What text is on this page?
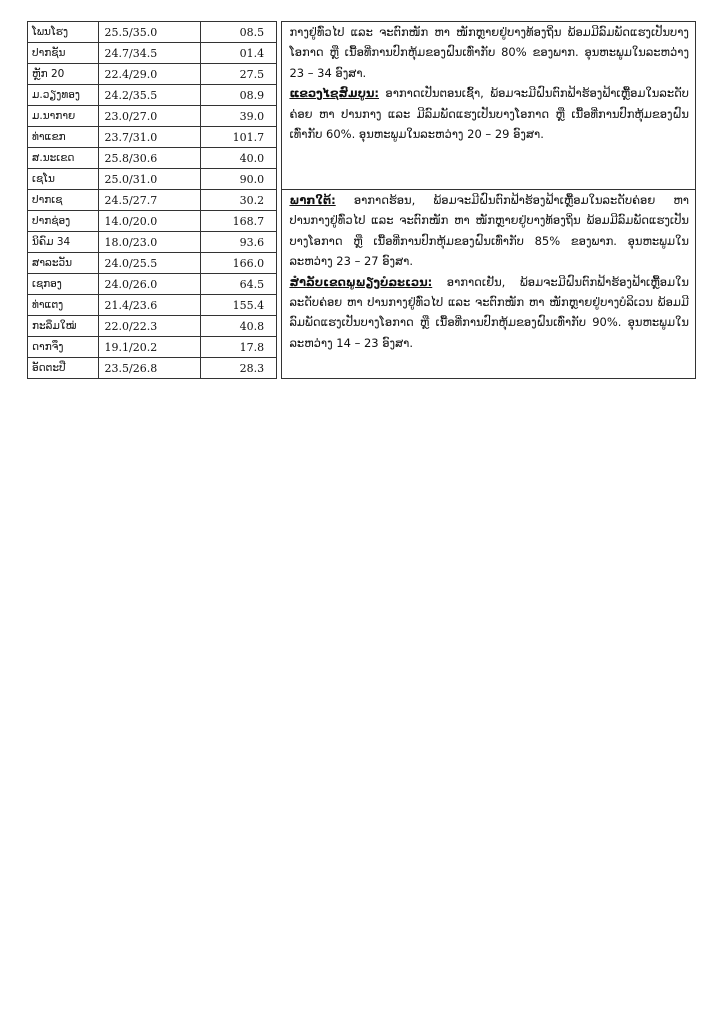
ໂພນໂຮງ	25.5/35.0	08.5		ກາງຢູ່ທົ່ວໄປ ແລະ ຈະຕົກໜັກ ຫາ ໜັກຫຼາຍຢູ່ບາງທ້ອງຖິ່ນ ພ້ອມມີລົມພັດແຮງເປັນບາງໂອກາດ ຫຼື ເນື້ອທີ່ການປົກຫຸ້ມຂອງຝົນເທົ່າກັບ 80% ຂອງພາກ. ອຸນຫະພູມໃນລະຫວ່າງ 23 – 34 ອົງສາ.

ແຂວງໄຊສົມບູນ: ອາກາດເປັນຕອນເຊົ້າ, ພ້ອມຈະມີຝົນຕົກຟ້າຮ້ອງຟ້າເຫຼື້ອມໃນລະດັບຄ່ອຍ ຫາ ປານກາງ ແລະ ມີລົມພັດແຮງເປັນບາງໂອກາດ ຫຼື ເນື້ອທີ່ການປົກຫຸ້ມຂອງຝົນເທົ່າກັບ 60%. ອຸນຫະພູມໃນລະຫວ່າງ 20 – 29 ອົງສາ.

ປາກຊັນ	24.7/34.5	01.4		
ຫຼັກ 20	22.4/29.0	27.5		
ມ.ວຽງທອງ	24.2/35.5	08.9		
ມ.ນາກາຍ	23.0/27.0	39.0		
ທ່າແຂກ	23.7/31.0	101.7		
ສ.ນະເຂດ	25.8/30.6	40.0		
ເຊໂນ	25.0/31.0	90.0		
ປາກເຊ	24.5/27.7	30.2		ພາກໃຕ້: ອາກາດຮ້ອນ, ພ້ອມຈະມີຝົນຕົກຟ້າຮ້ອງຟ້າເຫຼື້ອມໃນລະດັບຄ່ອຍ ຫາ ປານກາງຢູ່ທົ່ວໄປ ແລະ ຈະຕົກໜັກ ຫາ ໜັກຫຼາຍຢູ່ບາງທ້ອງຖິ່ນ ພ້ອມມີລົມພັດແຮງເປັນບາງໂອກາດ ຫຼື ເນື້ອທີ່ການປົກຫຸ້ມຂອງຝົນເທົ່າກັບ 85% ຂອງພາກ. ອຸນຫະພູມໃນລະຫວ່າງ 23 – 27 ອົງສາ.

ສໍາລັບເຂດພູພຽງບໍລະເວນ: ອາກາດເຢັນ, ພ້ອມຈະມີຝົນຕົກຟ້າຮ້ອງຟ້າເຫຼື້ອມໃນລະດັບຄ່ອຍ ຫາ ປານກາງຢູ່ທົ່ວໄປ ແລະ ຈະຕົກໜັກ ຫາ ໜັກຫຼາຍຢູ່ບາງບໍລິເວນ ພ້ອມມີລົມພັດແຮງເປັນບາງໂອກາດ ຫຼື ເນື້ອທີ່ການປົກຫຸ້ມຂອງຝົນເທົ່າກັບ 90%. ອຸນຫະພູມໃນລະຫວ່າງ 14 – 23 ອົງສາ.

ປາກຊ່ອງ	14.0/20.0	168.7		
ນິຄົມ 34	18.0/23.0	93.6		
ສາລະວັນ	24.0/25.5	166.0		
ເຊກອງ	24.0/26.0	64.5		
ທ່າແຕງ	21.4/23.6	155.4		
ກະລຶມໃໝ່	22.0/22.3	40.8		
ດາກຈຶງ	19.1/20.2	17.8		
ອັດຕະປື	23.5/26.8	28.3		
